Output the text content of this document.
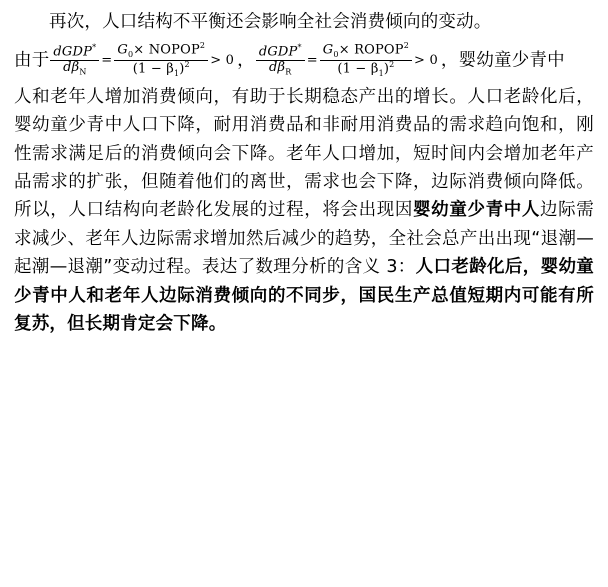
再次，人口结构不平衡还会影响全社会消费倾向的变动。

由于 $\frac{dGDP^*}{d\beta_N} = \frac{G_0\times NOPOP^2}{(1 - \beta_1)^2} > 0$ ， $\frac{dGDP^*}{d\beta_R} = \frac{G_0\times ROPOP^2}{(1 - \beta_1)^2} > 0$ ，婴幼童少青中

人和老年人增加消费倾向，有助于长期稳态产出的增长。人口老龄化后，婴幼童少青中人口下降，耐用消费品和非耐用消费品的需求趋向饱和，刚性需求满足后的消费倾向会下降。老年人口增加，短时间内会增加老年产品需求的扩张，但随着他们的离世，需求也会下降，边际消费倾向降低。所以，人口结构向老龄化发展的过程，将会出现因婴幼童少青中人边际需求减少、老年人边际需求增加然后减少的趋势，全社会总产出出现“退潮—起潮—退潮”变动过程。表达了数理分析的含义 3：人口老龄化后，婴幼童少青中人和老年人边际消费倾向的不同步，国民生产总值短期内可能有所复苏，但长期肯定会下降。
